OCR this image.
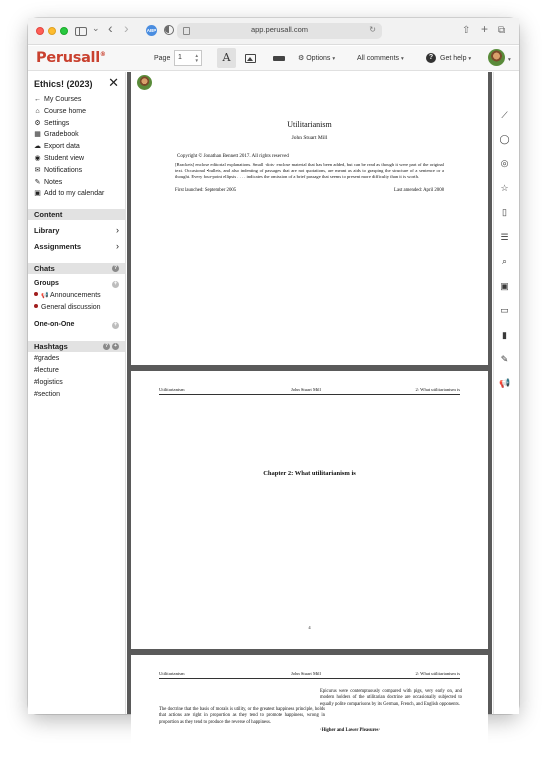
⌄ ‹ ›	ABP	app.perusall.com	↻	⇧ + ⧉
Perusall®
Page	1	▲
▼	A	⚙ Options ▾	All comments ▾	? Get help ▾	▾
Ethics! (2023) ✕
← My Courses
⌂ Course home
⚙ Settings
▦ Gradebook
☁ Export data
◉ Student view
✉ Notifications
✎ Notes
▣ Add to my calendar
Content
Library	›
Assignments	›
Chats	?
Groups	+
📢 Announcements
General discussion
One-on-One	+
Hashtags	?	+
#grades
#lecture
#logistics
#section
Utilitarianism
John Stuart Mill
Copyright © Jonathan Bennett 2017. All rights reserved
[Brackets] enclose editorial explanations. Small ·dots· enclose material that has been added, but can be read as though it were part of the original text. Occasional •bullets, and also indenting of passages that are not quotations, are meant as aids to grasping the structure of a sentence or a thought. Every four-point ellipsis . . . . indicates the omission of a brief passage that seems to present more difficulty than it is worth.
First launched: September 2005	Last amended: April 2008
Utilitarianism	John Stuart Mill	2: What utilitarianism is
Chapter 2: What utilitarianism is
4
Utilitarianism	John Stuart Mill	2: What utilitarianism is
The doctrine that the basis of morals is utility, or the greatest happiness principle, holds that actions are right in proportion as they tend to promote happiness, wrong in proportion as they tend to produce the reverse of happiness.
Epicurus were contemptuously compared with pigs, very early on, and modern holders of the utilitarian doctrine are occasionally subjected to equally polite comparisons by its German, French, and English opponents.
·Higher and Lower Pleasures·
⟋
◯
◎
☆
▯
☰
⌕
▣
▭
▮
✎
📢
